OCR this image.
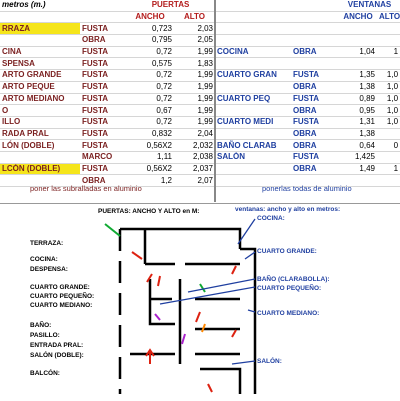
metros (m.)		PUERTAS	
		ANCHO	ALTO
RRAZA	FUSTA	0,723	2,03
	OBRA	0,795	2,05
CINA	FUSTA	0,72	1,99
SPENSA	FUSTA	0,575	1,83
ARTO GRANDE	FUSTA	0,72	1,99
ARTO PEQUE	FUSTA	0,72	1,99
ARTO MEDIANO	FUSTA	0,72	1,99
O	FUSTA	0,67	1,99
ILLO	FUSTA	0,72	1,99
RADA PRAL	FUSTA	0,832	2,04
LÓN (DOBLE)	FUSTA	0,56X2	2,032
	MARCO	1,11	2,038
LCÓN (DOBLE)	FUSTA	0,56X2	2,037
	OBRA	1,2	2,07
		VENTANAS	
		ANCHO	ALTO

COCINA	OBRA	1,04	1

CUARTO GRAN	FUSTA	1,35	1,0
	OBRA	1,38	1,0
CUARTO PEQ	FUSTA	0,89	1,0
	OBRA	0,95	1,0
CUARTO MEDI	FUSTA	1,31	1,0
	OBRA	1,38	
BAÑO CLARAB	OBRA	0,64	0
SALÓN	FUSTA	1,425	
	OBRA	1,49	1

poner las subralladas en aluminio	ponerlas todas de aluminio
PUERTAS: ANCHO Y ALTO en M:	ventanas: ancho y alto en metros:
TERRAZA:
COCINA:
DESPENSA:
CUARTO GRANDE:
CUARTO PEQUEÑO:
CUARTO MEDIANO:
BAÑO:
PASILLO:
ENTRADA PRAL:
SALÓN (DOBLE):
BALCÓN:
COCINA:
CUARTO GRANDE:
BAÑO (CLARABOLLA):
CUARTO PEQUEÑO:
CUARTO MEDIANO:
SALÓN:
